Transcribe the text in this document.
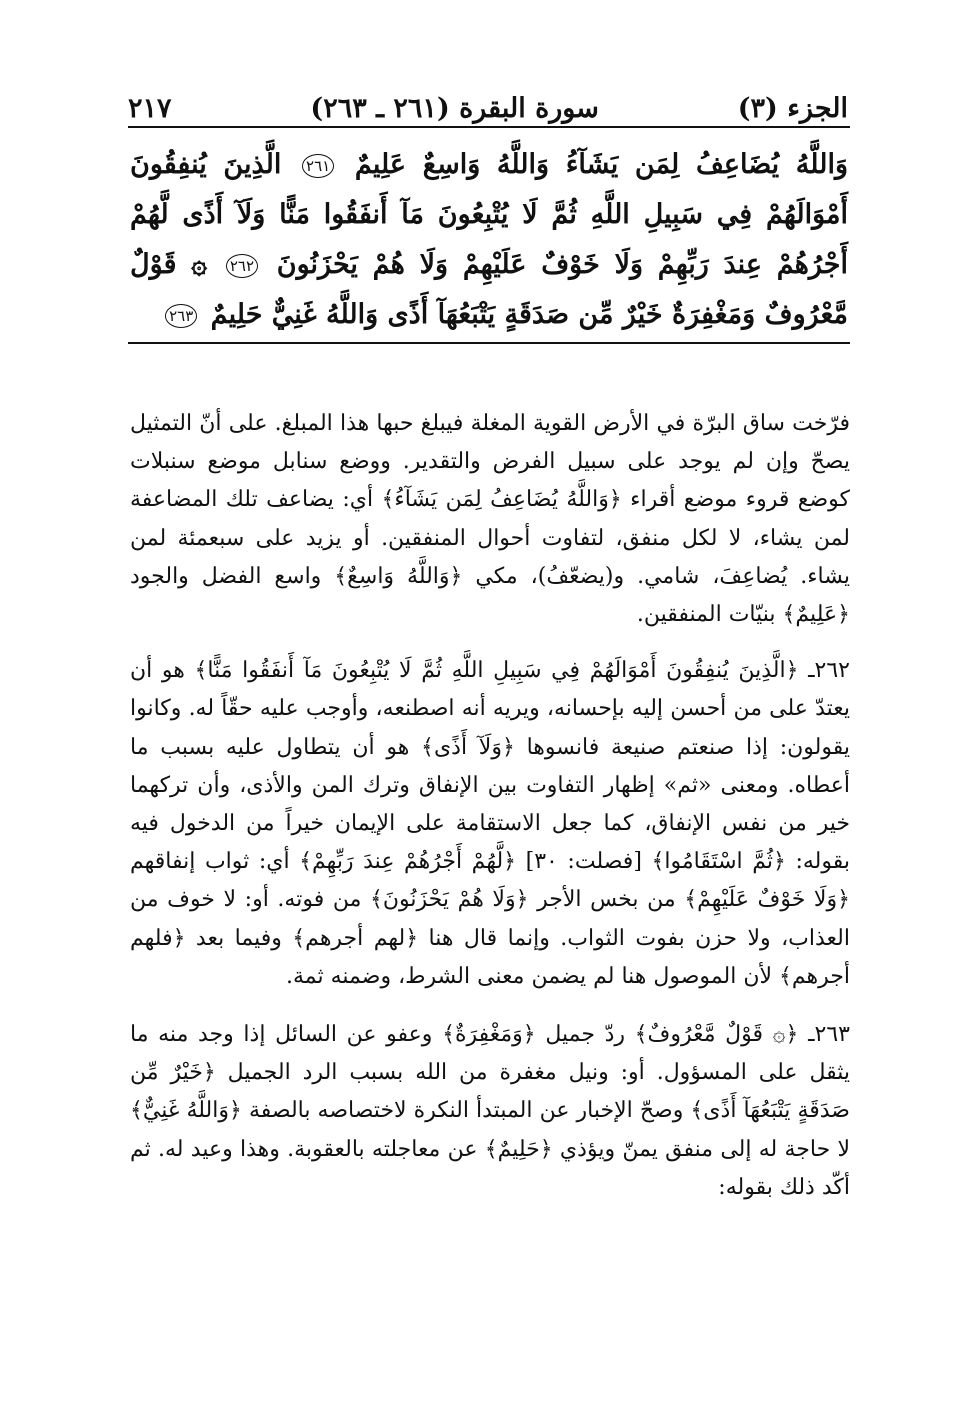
٢١٧	سورة البقرة (٢٦١ ـ ٢٦٣)	الجزء (٣)
وَاللَّهُ يُضَاعِفُ لِمَن يَشَآءُ وَاللَّهُ وَاسِعٌ عَلِيمٌ ٢٦١ الَّذِينَ يُنفِقُونَ أَمْوَالَهُمْ فِي سَبِيلِ اللَّهِ ثُمَّ لَا يُتْبِعُونَ مَآ أَنفَقُوا مَنًّا وَلَآ أَذًى لَّهُمْ أَجْرُهُمْ عِندَ رَبِّهِمْ وَلَا خَوْفٌ عَلَيْهِمْ وَلَا هُمْ يَحْزَنُونَ ٢٦٢ ۞ قَوْلٌ مَّعْرُوفٌ وَمَغْفِرَةٌ خَيْرٌ مِّن صَدَقَةٍ يَتْبَعُهَآ أَذًى وَاللَّهُ غَنِيٌّ حَلِيمٌ ٢٦٣

فرّخت ساق البرّة في الأرض القوية المغلة فيبلغ حبها هذا المبلغ. على أنّ التمثيل يصحّ وإن لم يوجد على سبيل الفرض والتقدير. ووضع سنابل موضع سنبلات كوضع قروء موضع أقراء ﴿وَاللَّهُ يُضَاعِفُ لِمَن يَشَآءُ﴾ أي: يضاعف تلك المضاعفة لمن يشاء، لا لكل منفق، لتفاوت أحوال المنفقين. أو يزيد على سبعمئة لمن يشاء. يُضاعِفَ، شامي. و(يضعّفُ)، مكي ﴿وَاللَّهُ وَاسِعٌ﴾ واسع الفضل والجود ﴿عَلِيمٌ﴾ بنيّات المنفقين.

٢٦٢ـ ﴿الَّذِينَ يُنفِقُونَ أَمْوَالَهُمْ فِي سَبِيلِ اللَّهِ ثُمَّ لَا يُتْبِعُونَ مَآ أَنفَقُوا مَنًّا﴾ هو أن يعتدّ على من أحسن إليه بإحسانه، ويريه أنه اصطنعه، وأوجب عليه حقّاً له. وكانوا يقولون: إذا صنعتم صنيعة فانسوها ﴿وَلَآ أَذًى﴾ هو أن يتطاول عليه بسبب ما أعطاه. ومعنى «ثم» إظهار التفاوت بين الإنفاق وترك المن والأذى، وأن تركهما خير من نفس الإنفاق، كما جعل الاستقامة على الإيمان خيراً من الدخول فيه بقوله: ﴿ثُمَّ اسْتَقَامُوا﴾ [فصلت: ٣٠] ﴿لَّهُمْ أَجْرُهُمْ عِندَ رَبِّهِمْ﴾ أي: ثواب إنفاقهم ﴿وَلَا خَوْفٌ عَلَيْهِمْ﴾ من بخس الأجر ﴿وَلَا هُمْ يَحْزَنُونَ﴾ من فوته. أو: لا خوف من العذاب، ولا حزن بفوت الثواب. وإنما قال هنا ﴿لهم أجرهم﴾ وفيما بعد ﴿فلهم أجرهم﴾ لأن الموصول هنا لم يضمن معنى الشرط، وضمنه ثمة.

٢٦٣ـ ﴿۞ قَوْلٌ مَّعْرُوفٌ﴾ ردّ جميل ﴿وَمَغْفِرَةٌ﴾ وعفو عن السائل إذا وجد منه ما يثقل على المسؤول. أو: ونيل مغفرة من الله بسبب الرد الجميل ﴿خَيْرٌ مِّن صَدَقَةٍ يَتْبَعُهَآ أَذًى﴾ وصحّ الإخبار عن المبتدأ النكرة لاختصاصه بالصفة ﴿وَاللَّهُ غَنِيٌّ﴾ لا حاجة له إلى منفق يمنّ ويؤذي ﴿حَلِيمٌ﴾ عن معاجلته بالعقوبة. وهذا وعيد له. ثم أكّد ذلك بقوله:
